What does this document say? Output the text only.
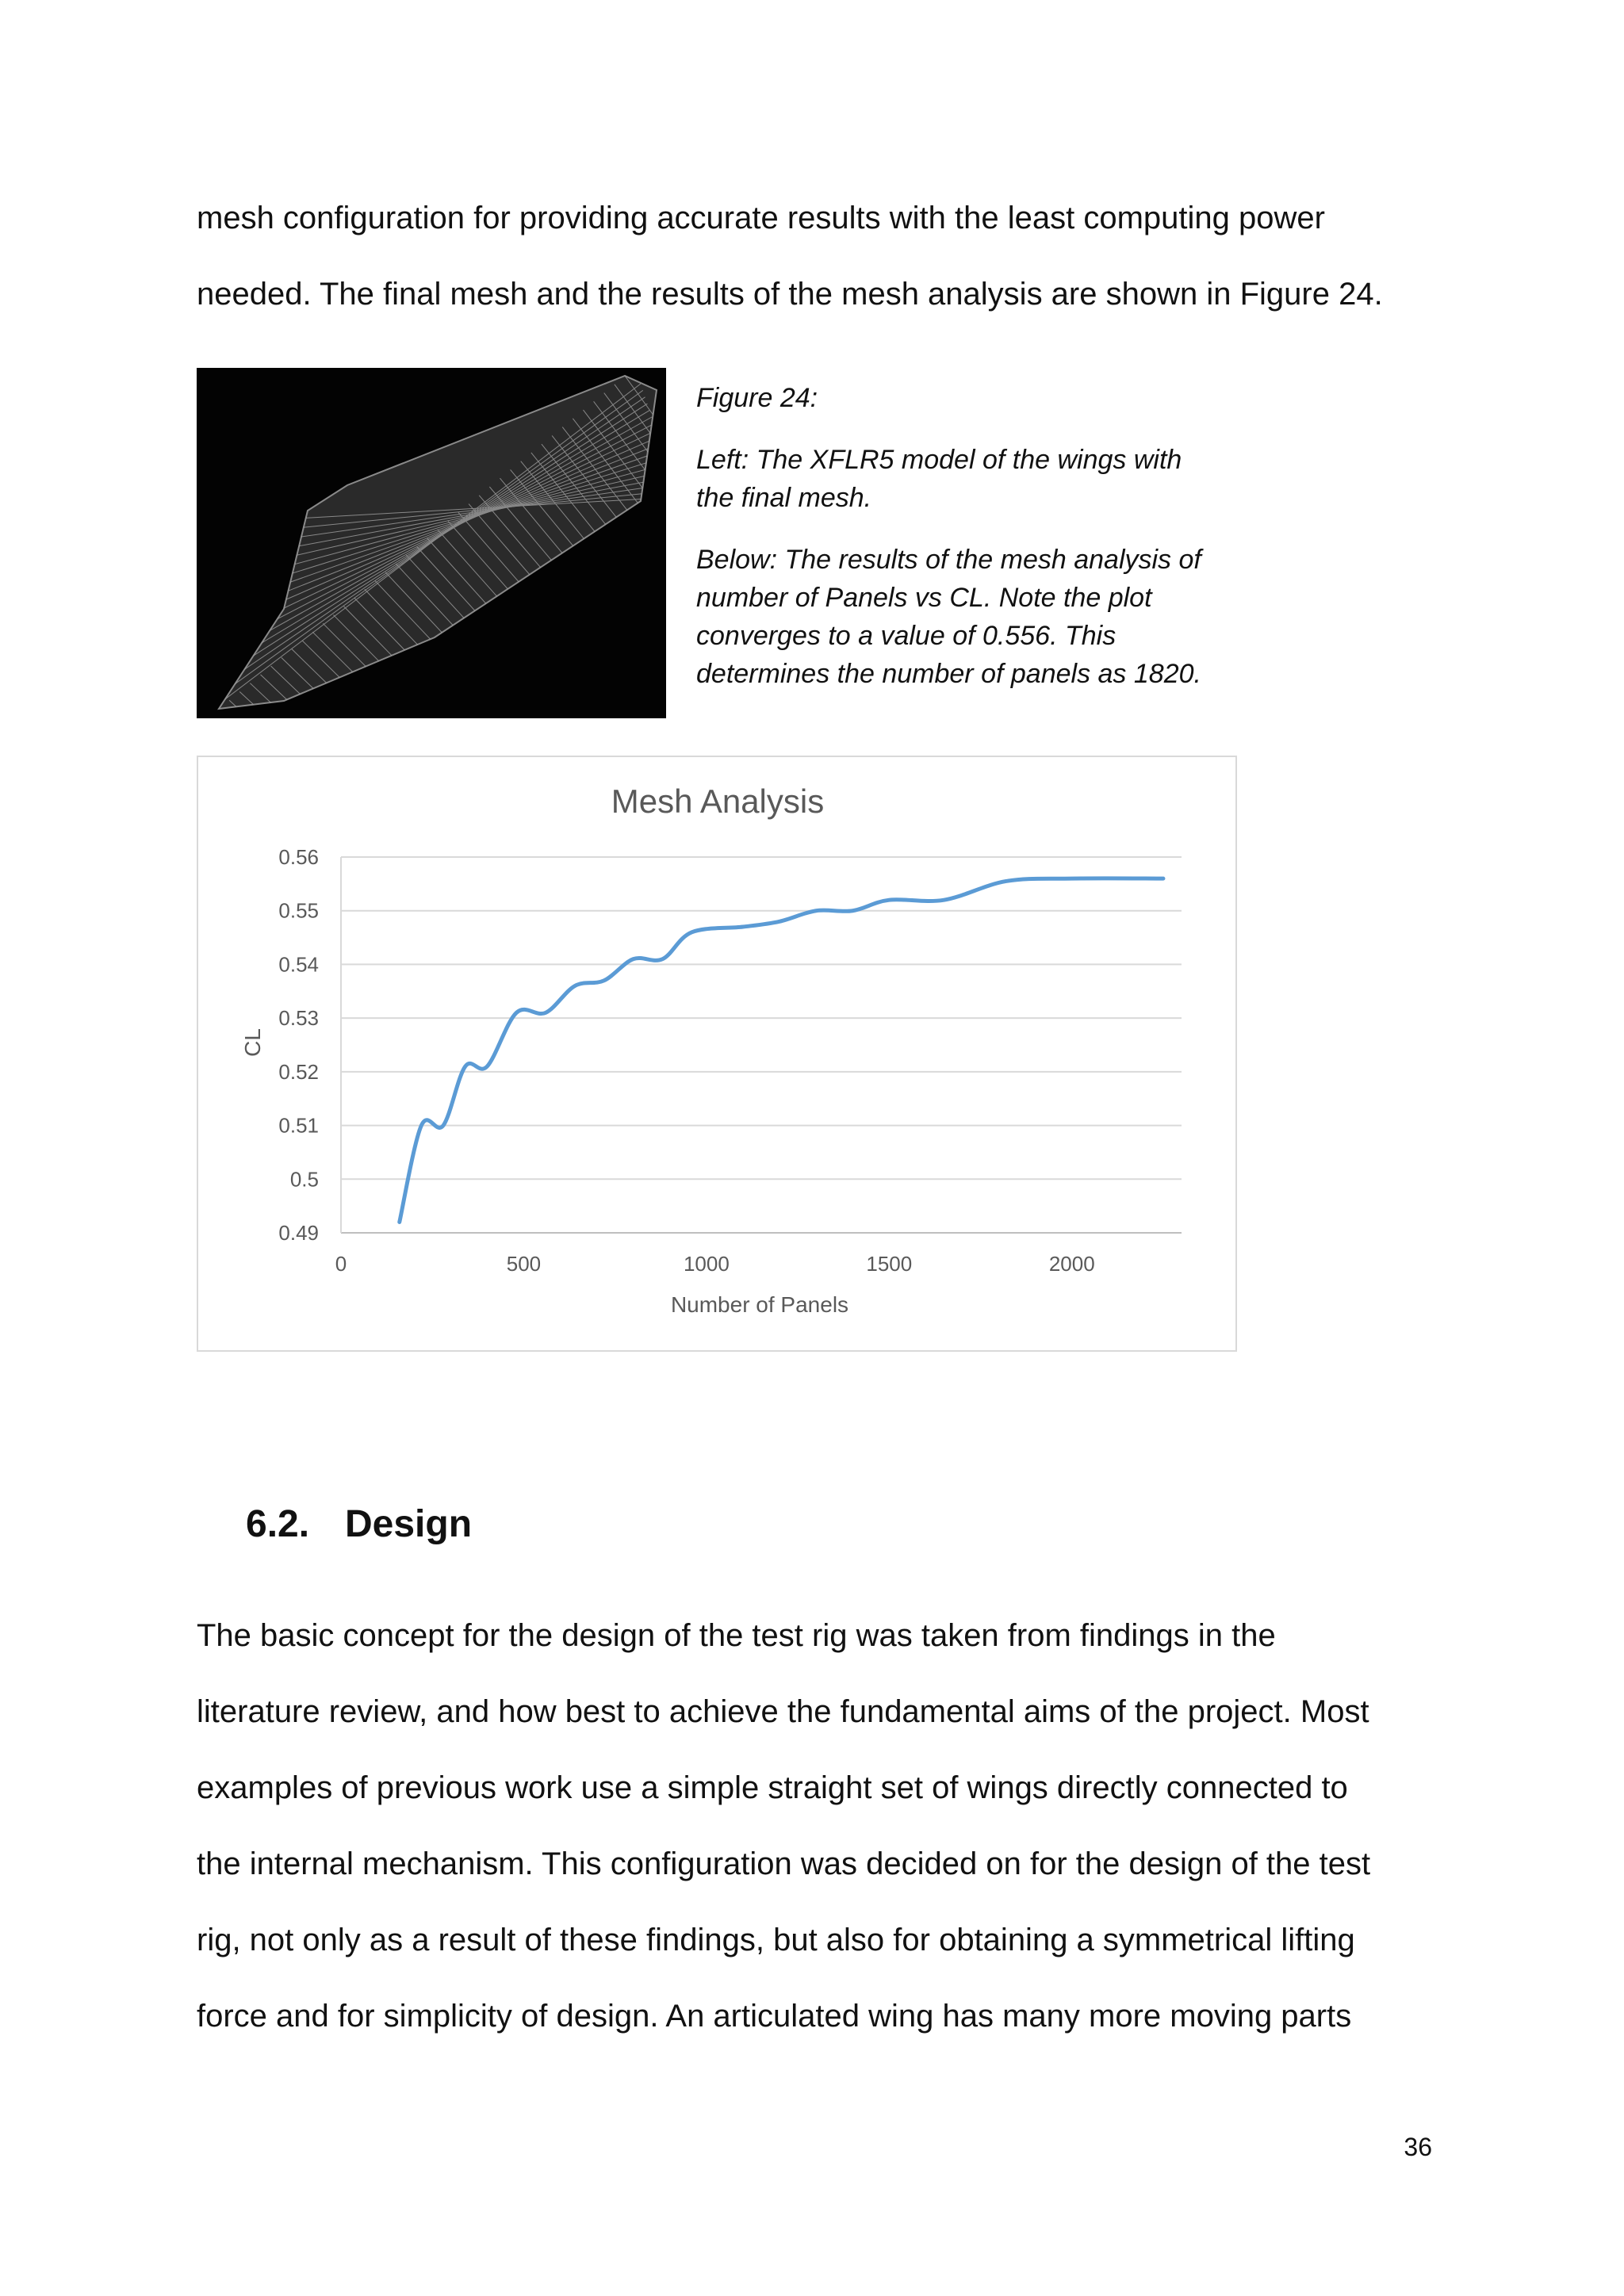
mesh configuration for providing accurate results with the least computing power
needed. The final mesh and the results of the mesh analysis are shown in Figure 24.

Figure 24:

Left: The XFLR5 model of the wings with
the final mesh.

Below: The results of the mesh analysis of
number of Panels vs CL. Note the plot
converges to a value of 0.556. This
determines the number of panels as 1820.

Mesh Analysis
0.49
0.5
0.51
0.52
0.53
0.54
0.55
0.56
0	500	1000	1500	2000
Number of Panels
CL
6.2. Design
The basic concept for the design of the test rig was taken from findings in the
literature review, and how best to achieve the fundamental aims of the project. Most
examples of previous work use a simple straight set of wings directly connected to
the internal mechanism. This configuration was decided on for the design of the test
rig, not only as a result of these findings, but also for obtaining a symmetrical lifting
force and for simplicity of design. An articulated wing has many more moving parts
36
